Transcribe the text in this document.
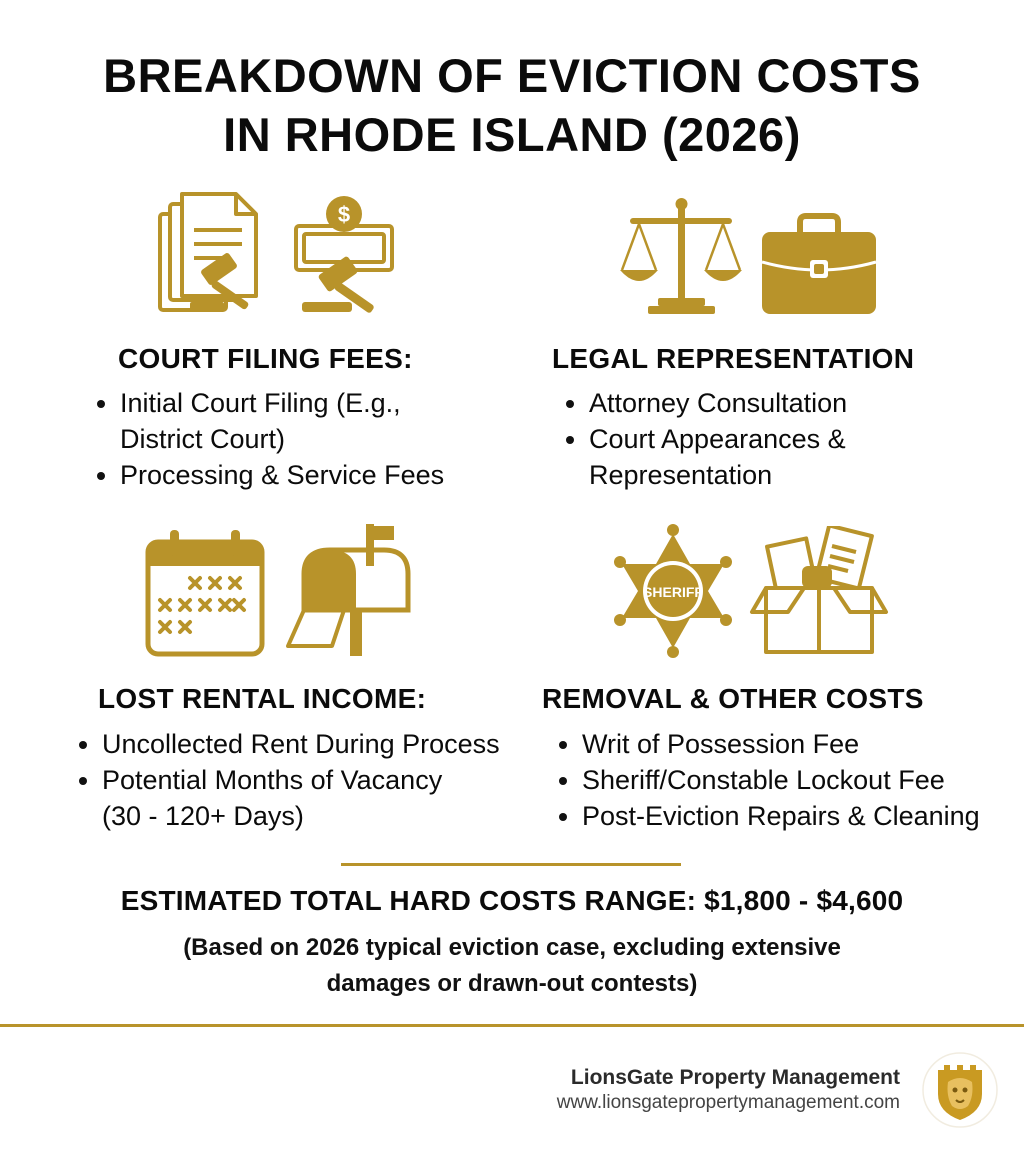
BREAKDOWN OF EVICTION COSTS
IN RHODE ISLAND (2026)
$
COURT FILING FEES:
Initial Court Filing (E.g.,
District Court)
Processing & Service Fees
LEGAL REPRESENTATION
Attorney Consultation
Court Appearances &
Representation
LOST RENTAL INCOME:
Uncollected Rent During Process
Potential Months of Vacancy
(30 - 120+ Days)
SHERIFF
REMOVAL & OTHER COSTS
Writ of Possession Fee
Sheriff/Constable Lockout Fee
Post-Eviction Repairs & Cleaning
ESTIMATED TOTAL HARD COSTS RANGE: $1,800 - $4,600
(Based on 2026 typical eviction case, excluding extensive
damages or drawn-out contests)
LionsGate Property Management
www.lionsgatepropertymanagement.com
